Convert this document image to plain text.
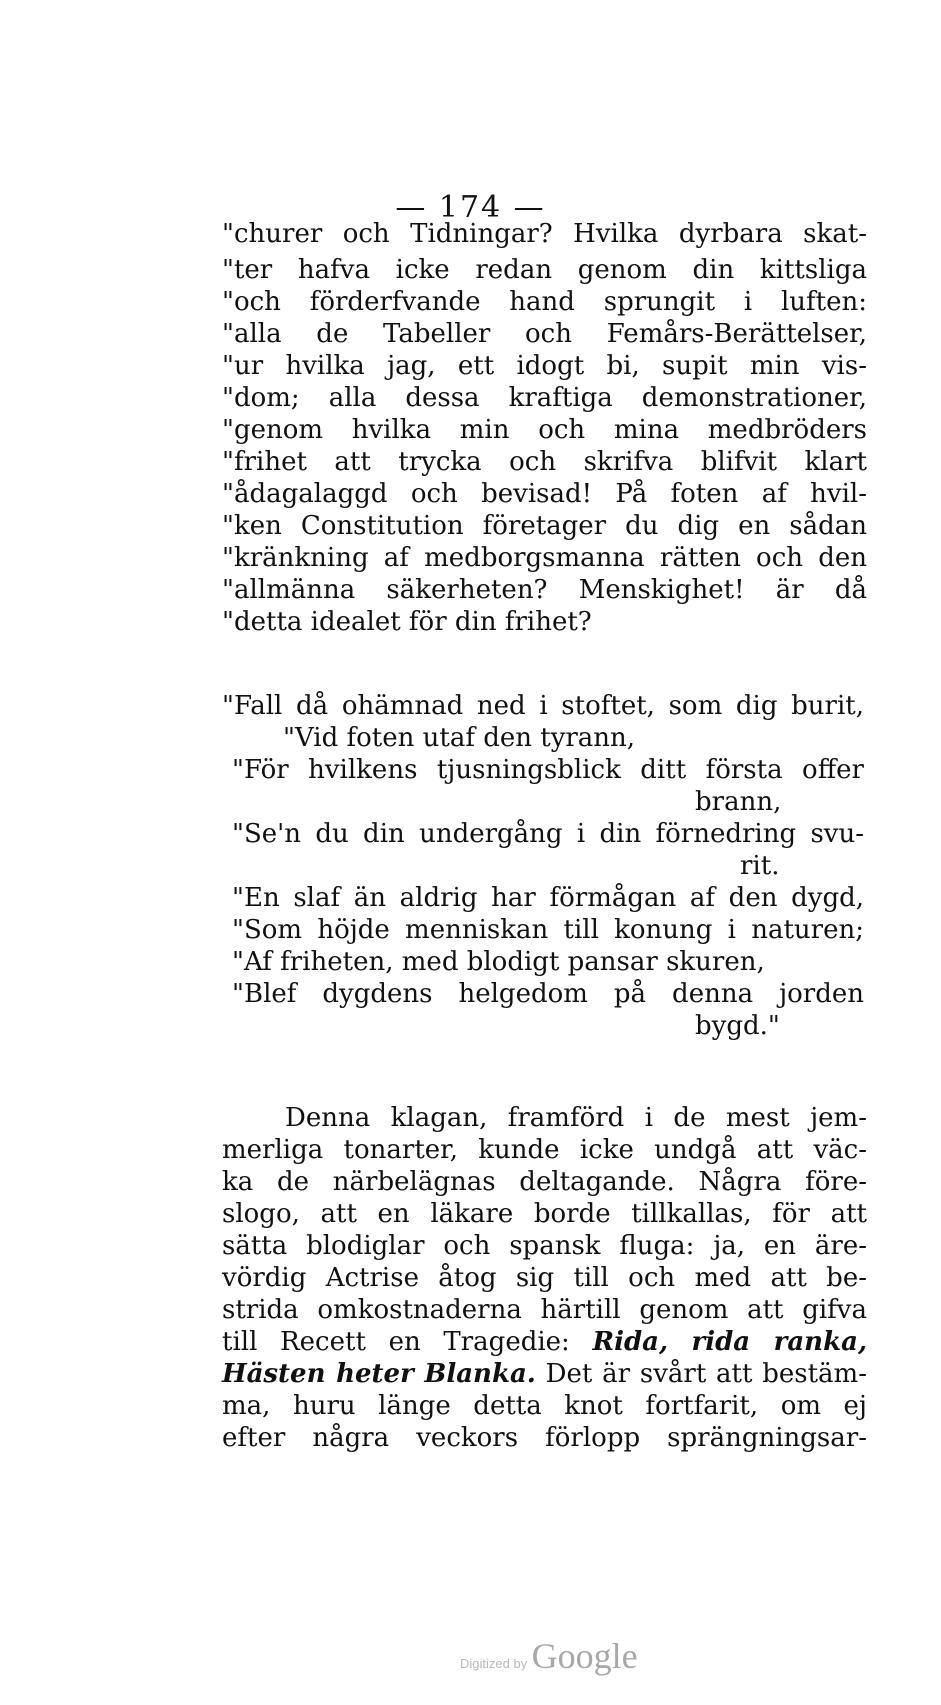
— 174 —
"churer och Tidningar? Hvilka dyrbara skat-
"ter hafva icke redan genom din kittsliga
"och förderfvande hand sprungit i luften:
"alla de Tabeller och Femårs-Berättelser,
"ur hvilka jag, ett idogt bi, supit min vis-
"dom; alla dessa kraftiga demonstrationer,
"genom hvilka min och mina medbröders
"frihet att trycka och skrifva blifvit klart
"ådagalaggd och bevisad! På foten af hvil-
"ken Constitution företager du dig en sådan
"kränkning af medborgsmanna rätten och den
"allmänna säkerheten? Menskighet! är då
"detta idealet för din frihet?
"Fall då ohämnad ned i stoftet, som dig burit,
"Vid foten utaf den tyrann,
"För hvilkens tjusningsblick ditt första offer
brann,
"Se'n du din undergång i din förnedring svu-
rit.
"En slaf än aldrig har förmågan af den dygd,
"Som höjde menniskan till konung i naturen;
"Af friheten, med blodigt pansar skuren,
"Blef dygdens helgedom på denna jorden
bygd."
Denna klagan, framförd i de mest jem-
merliga tonarter, kunde icke undgå att väc-
ka de närbelägnas deltagande. Några före-
slogo, att en läkare borde tillkallas, för att
sätta blodiglar och spansk fluga: ja, en äre-
vördig Actrise åtog sig till och med att be-
strida omkostnaderna härtill genom att gifva
till Recett en Tragedie: Rida, rida ranka,
Hästen heter Blanka. Det är svårt att bestäm-
ma, huru länge detta knot fortfarit, om ej
efter några veckors förlopp sprängningsar-
Digitized by Google
